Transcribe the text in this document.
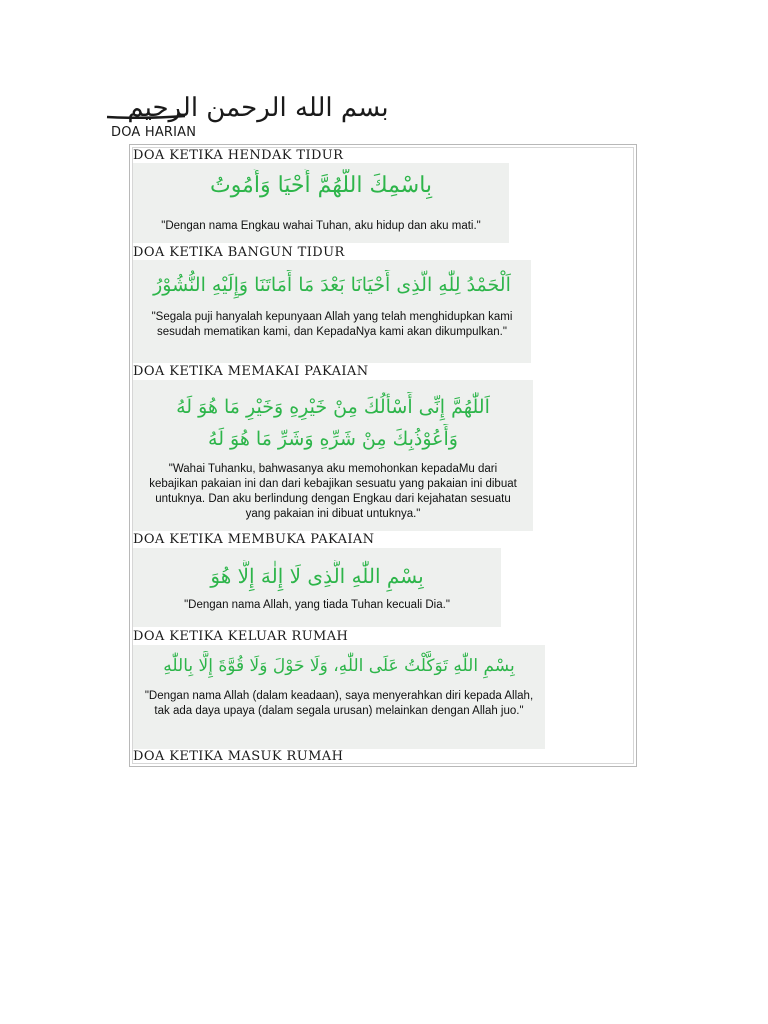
بسم الله الرحمن الرحيم
DOA HARIAN
DOA KETIKA HENDAK TIDUR
بِاسْمِكَ اللَّهُمَّ أَحْيَا وَأَمُوتُ
"Dengan nama Engkau wahai Tuhan, aku hidup dan aku mati."
DOA KETIKA BANGUN TIDUR
اَلْحَمْدُ لِلّٰهِ الَّذِى أَحْيَانَا بَعْدَ مَا أَمَاتَنَا وَإِلَيْهِ النُّشُوْرُ
"Segala puji hanyalah kepunyaan Allah yang telah menghidupkan kami sesudah mematikan kami, dan KepadaNya kami akan dikumpulkan."
DOA KETIKA MEMAKAI PAKAIAN
اَللّٰهُمَّ إِنِّى أَسْأَلُكَ مِنْ خَيْرِهِ وَخَيْرِ مَا هُوَ لَهُ
وَأَعُوْذُبِكَ مِنْ شَرِّهِ وَشَرِّ مَا هُوَ لَهُ
"Wahai Tuhanku, bahwasanya aku memohonkan kepadaMu dari kebajikan pakaian ini dan dari kebajikan sesuatu yang pakaian ini dibuat untuknya. Dan aku berlindung dengan Engkau dari kejahatan sesuatu yang pakaian ini dibuat untuknya."
DOA KETIKA MEMBUKA PAKAIAN
بِسْمِ اللّٰهِ الَّذِى لَا إِلٰهَ إِلَّا هُوَ
"Dengan nama Allah, yang tiada Tuhan kecuali Dia."
DOA KETIKA KELUAR RUMAH
بِسْمِ اللّٰهِ تَوَكَّلْتُ عَلَى اللّٰهِ، وَلَا حَوْلَ وَلَا قُوَّةَ إِلَّا بِاللّٰهِ
"Dengan nama Allah (dalam keadaan), saya menyerahkan diri kepada Allah, tak ada daya upaya (dalam segala urusan) melainkan dengan Allah juo."
DOA KETIKA MASUK RUMAH
